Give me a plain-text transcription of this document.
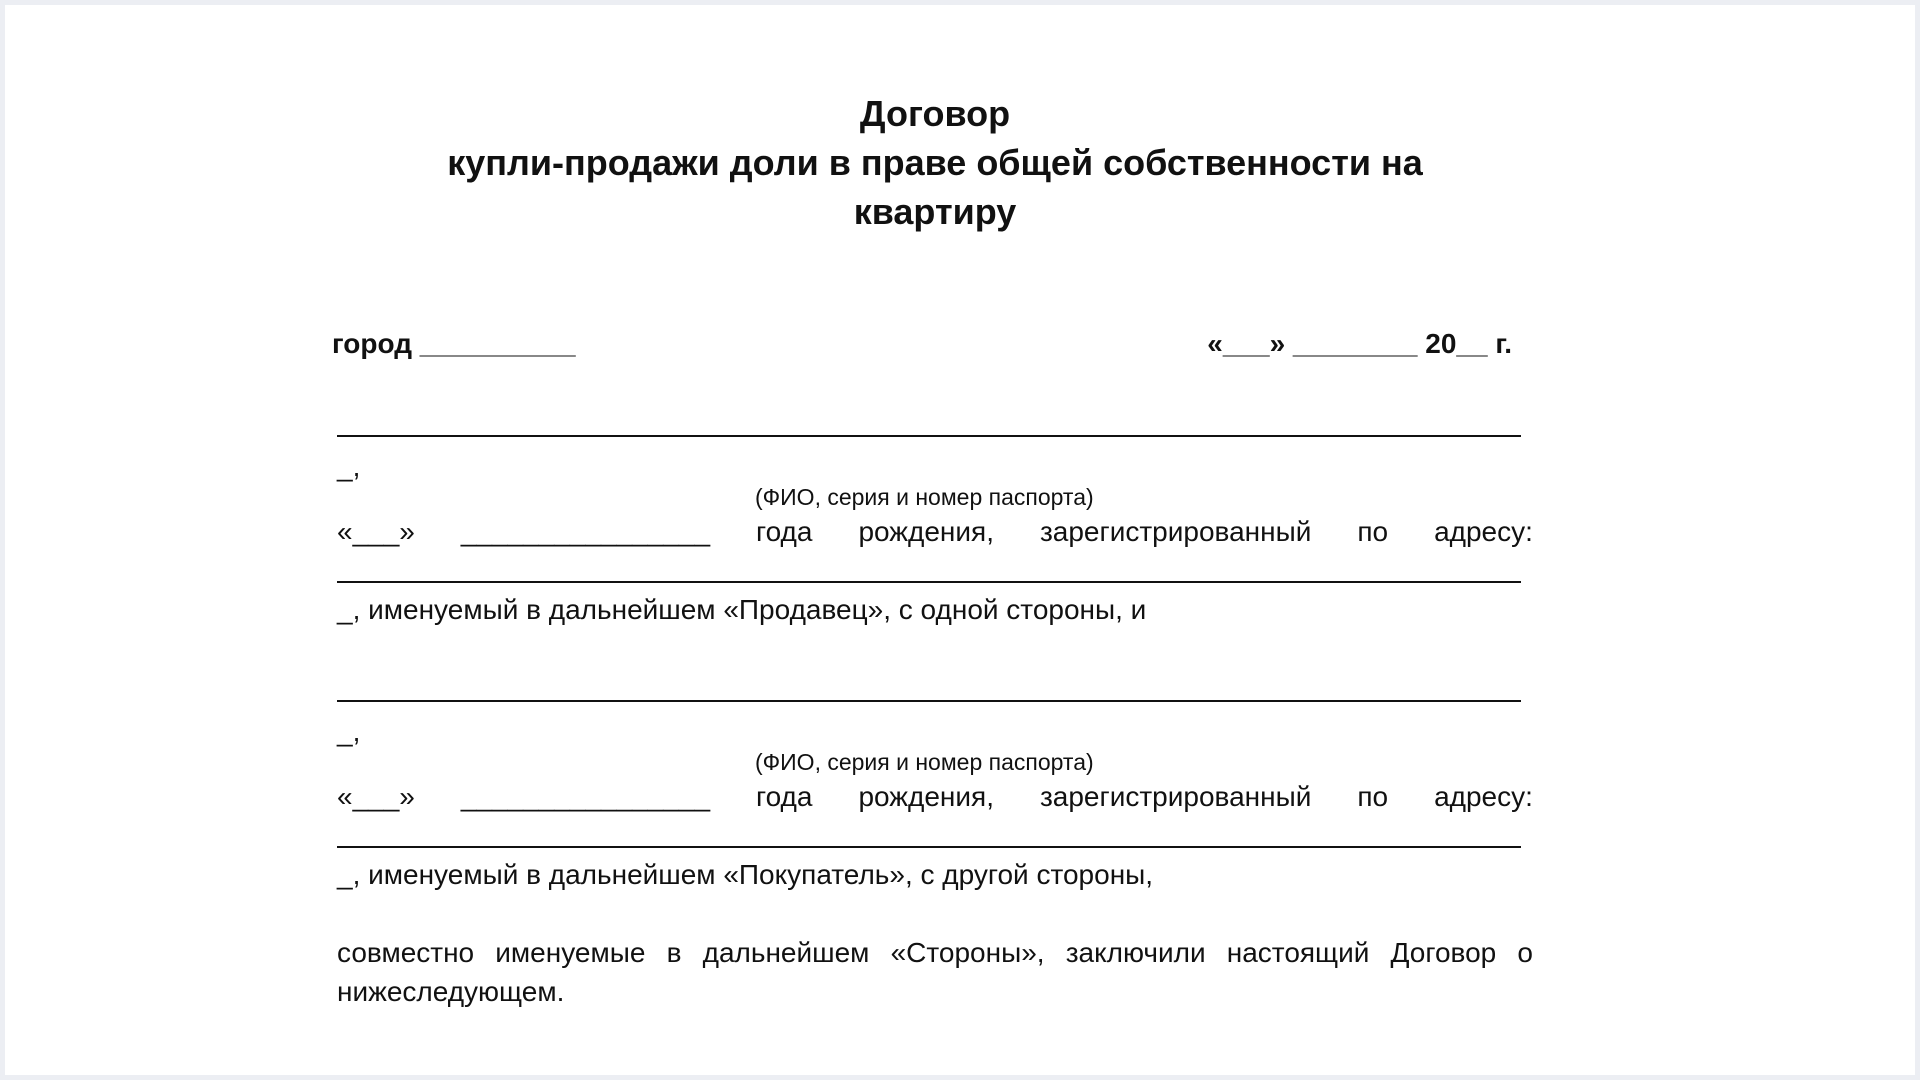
Договор
купли-продажи доли в праве общей собственности на
квартиру
город __________	«___» ________ 20__ г.
_,
(ФИО, серия и номер паспорта)
«___» ________________ года рождения, зарегистрированный по адресу:
_, именуемый в дальнейшем «Продавец», с одной стороны, и
_,
(ФИО, серия и номер паспорта)
«___» ________________ года рождения, зарегистрированный по адресу:
_, именуемый в дальнейшем «Покупатель», с другой стороны,
совместно именуемые в дальнейшем «Стороны», заключили настоящий Договор о нижеследующем.
